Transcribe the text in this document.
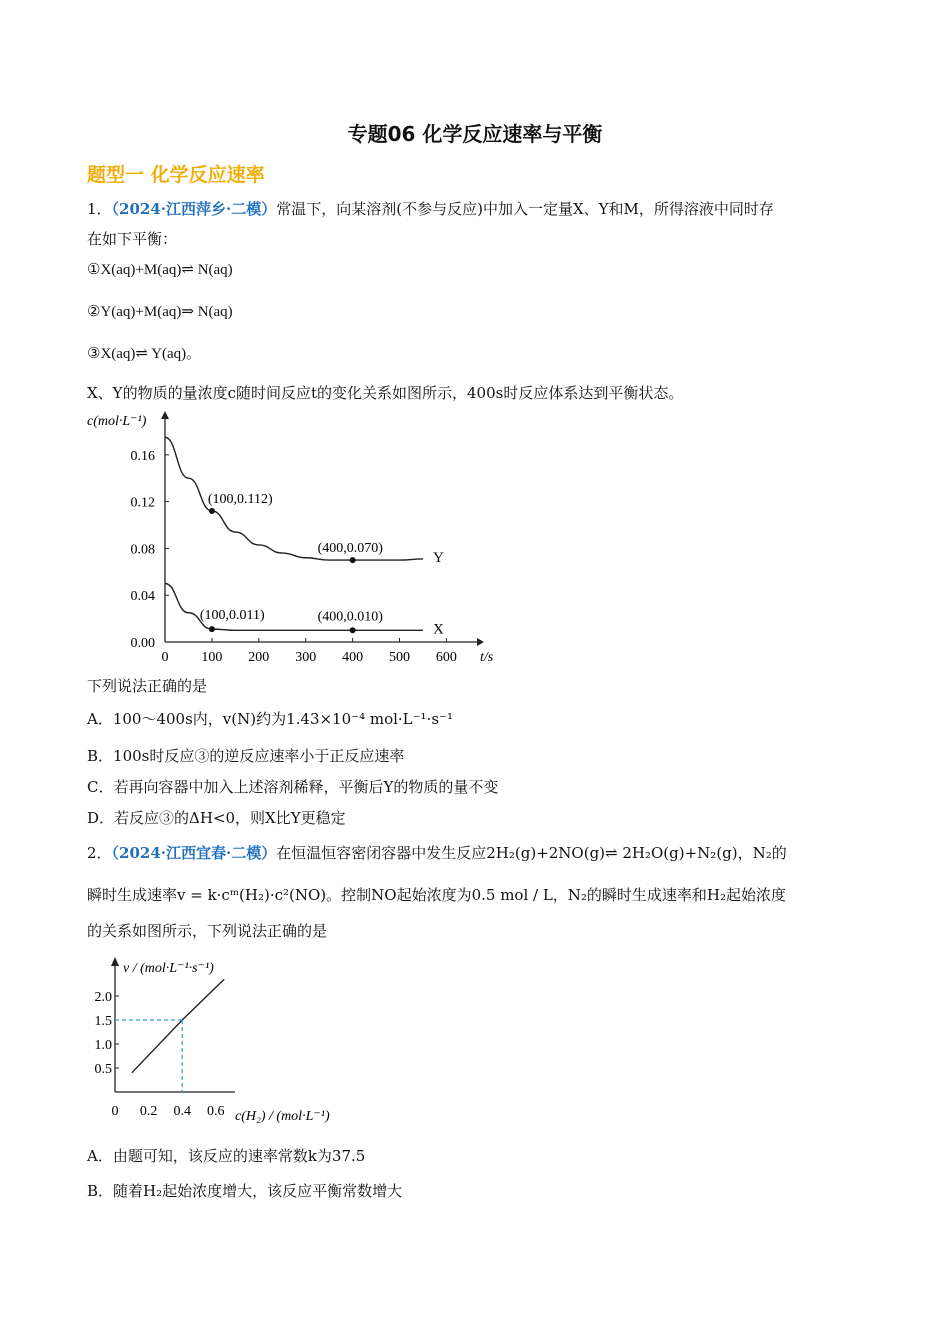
专题06 化学反应速率与平衡
题型一 化学反应速率
1．（2024·江西萍乡·二模）常温下，向某溶剂(不参与反应)中加入一定量X、Y和M，所得溶液中同时存
在如下平衡：
①X(aq)+M(aq)⇌ N(aq)
②Y(aq)+M(aq)⇒ N(aq)
③X(aq)⇌ Y(aq)。
X、Y的物质的量浓度c随时间反应t的变化关系如图所示，400s时反应体系达到平衡状态。
c(mol·L⁻¹)
0.16
0.12
0.08
0.04
0.00
0 100 200 300 400 500 600 t/s
Y
X
(100,0.112)
(400,0.070)
(100,0.011)	(400,0.010)
下列说法正确的是
A．100～400s内，v(N)约为1.43×10⁻⁴ mol·L⁻¹·s⁻¹
B．100s时反应③的逆反应速率小于正反应速率
C．若再向容器中加入上述溶剂稀释，平衡后Y的物质的量不变
D．若反应③的ΔH<0，则X比Y更稳定
2．（2024·江西宜春·二模）在恒温恒容密闭容器中发生反应2H₂(g)+2NO(g)⇌ 2H₂O(g)+N₂(g)，N₂的
瞬时生成速率v = k·cᵐ(H₂)·c²(NO)。控制NO起始浓度为0.5 mol / L，N₂的瞬时生成速率和H₂起始浓度
的关系如图所示，下列说法正确的是
v / (mol·L⁻¹·s⁻¹)
c(H₂) / (mol·L⁻¹)
2.0
1.5
1.0
0.5
0 0.2 0.4 0.6
A．由题可知，该反应的速率常数k为37.5
B．随着H₂起始浓度增大，该反应平衡常数增大
